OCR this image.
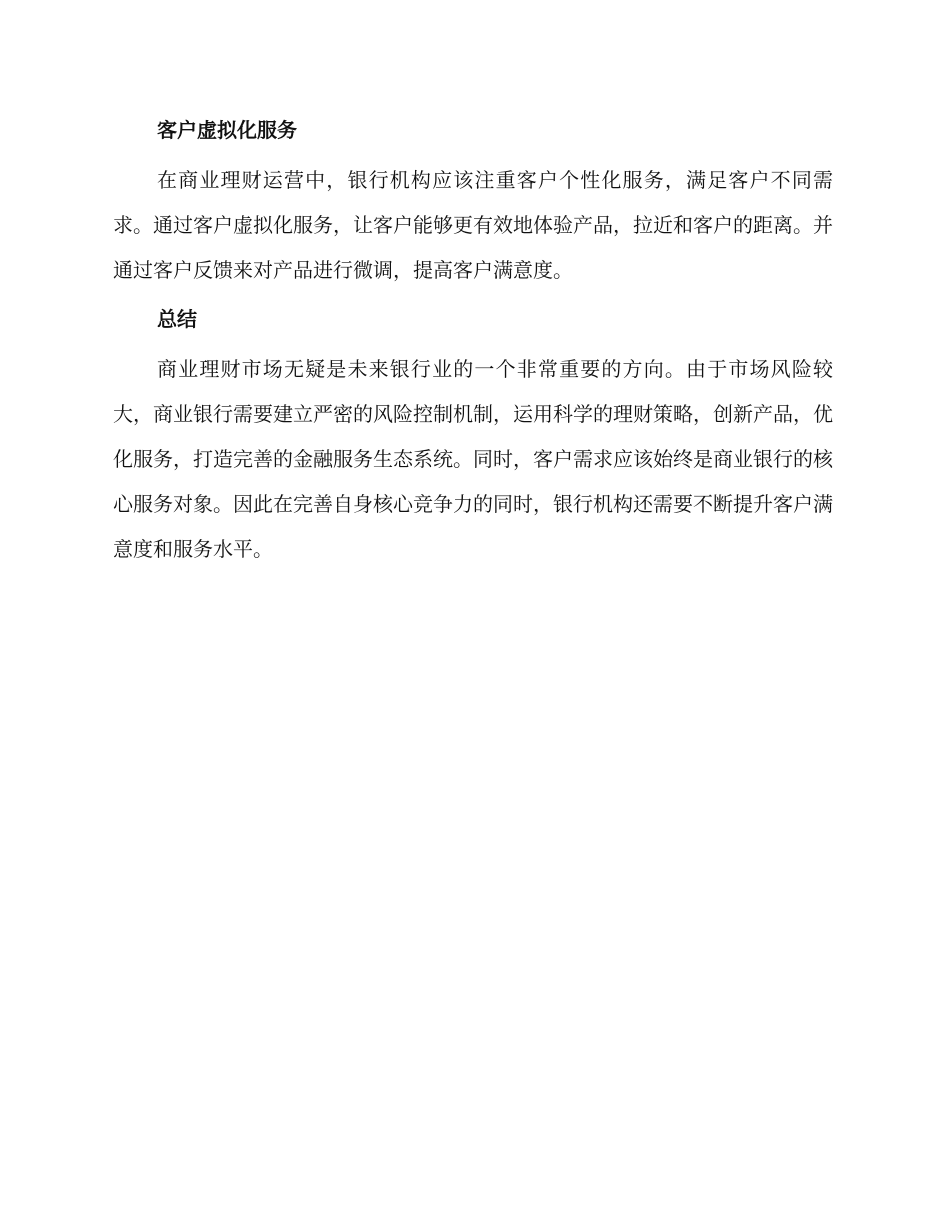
客户虚拟化服务

在商业理财运营中，银行机构应该注重客户个性化服务，满足客户不同需求。通过客户虚拟化服务，让客户能够更有效地体验产品，拉近和客户的距离。并通过客户反馈来对产品进行微调，提高客户满意度。

总结

商业理财市场无疑是未来银行业的一个非常重要的方向。由于市场风险较大，商业银行需要建立严密的风险控制机制，运用科学的理财策略，创新产品，优化服务，打造完善的金融服务生态系统。同时，客户需求应该始终是商业银行的核心服务对象。因此在完善自身核心竞争力的同时，银行机构还需要不断提升客户满意度和服务水平。
